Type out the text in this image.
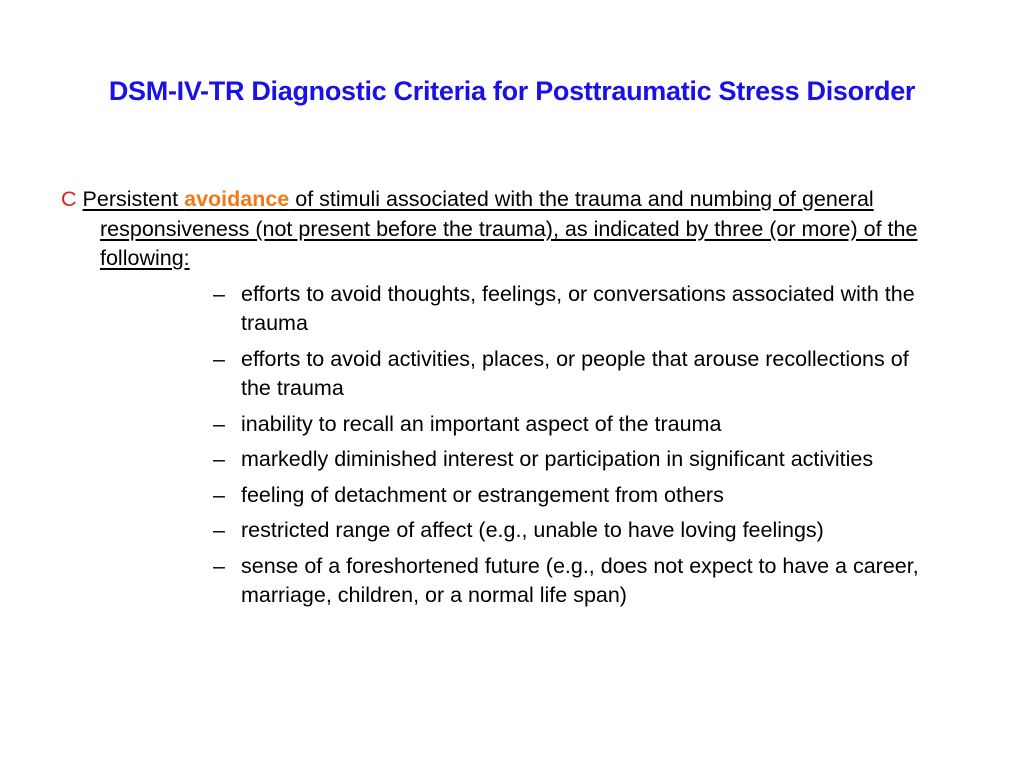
DSM-IV-TR Diagnostic Criteria for Posttraumatic Stress Disorder

C Persistent avoidance of stimuli associated with the trauma and numbing of general responsiveness (not present before the trauma), as indicated by three (or more) of the following:

– efforts to avoid thoughts, feelings, or conversations associated with the trauma
– efforts to avoid activities, places, or people that arouse recollections of the trauma
– inability to recall an important aspect of the trauma
– markedly diminished interest or participation in significant activities
– feeling of detachment or estrangement from others
– restricted range of affect (e.g., unable to have loving feelings)
– sense of a foreshortened future (e.g., does not expect to have a career, marriage, children, or a normal life span)
